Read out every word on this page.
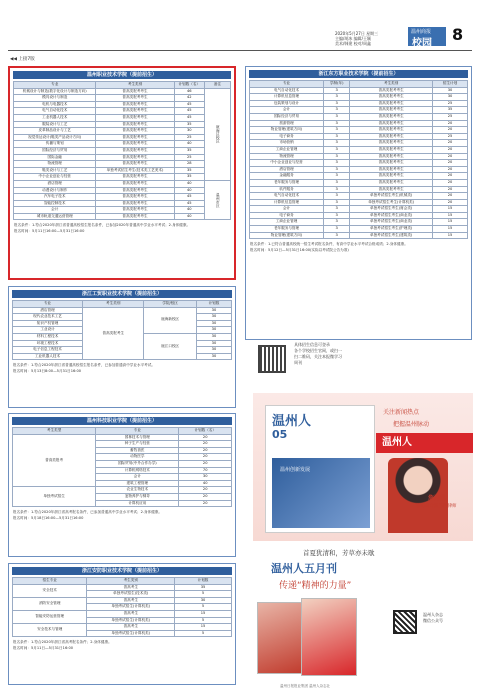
2020年5月27日 星期三
主编/胡冰 编辑/王颖
美术/韩建 校对/周鑫
温州商报
校园 8
◀◀ 上接7版
温州职业技术学院（提前招生）
专业	考生类别	计划数（名）	备注
机械设计与制造(数字化设计与制造方向)	普高类报考考生	46	瓯海区校区
模具设计与制造	普高类报考考生	42	
电机与电器技术	普高类报考考生	45	
电气自动化技术	普高类报考考生	45	
工业机器人技术	普高类报考考生	45	
服装设计与工艺	普高类报考考生	35	
皮革制品设计与工艺	普高类报考考生	30	
视觉传达设计(鞋类产品设计方向)	普高类报考考生	25	
传播与策划	普高类报考考生	40	
国际经济与贸易	普高类报考考生	35	
国际金融	普高类报考考生	25	
物流管理	普高类报考考生	28	
鞋类设计与工艺	单独考试招生考生(技术类工艺美术)	35	
中小企业创业与经营	普高类报考考生	35	
酒店管理	普高类报考考生	40	温州市区
动漫设计与制作	普高类报考考生	40	
汽车电子技术	普高类报考考生	45	
智能控制技术	普高类报考考生	45	
会计	普高类报考考生	40	
城市轨道交通运营管理	普高类报考考生	40	
报名条件：1.符合2020年浙江省普通高校招生报名条件，已参加2020年普通高中学业水平考试；2.身体健康。
报名时间：5月11日16:00—5月31日16:00
浙江东方职业技术学院（提前招生）
专业	学制(年)	考生类别	招生计划
电气自动化技术	3	普高类报考考生	30
计算机信息管理	3	普高类报考考生	30
包装策划与设计	3	普高类报考考生	25
会计	3	普高类报考考生	35
国际经济与贸易	3	普高类报考考生	25
旅游管理	3	普高类报考考生	20
物业管理(建筑方向)	3	普高类报考考生	20
电子商务	3	普高类报考考生	25
市场营销	3	普高类报考考生	20
工商企业管理	3	普高类报考考生	20
物流管理	3	普高类报考考生	20
中小企业创业与经营	3	普高类报考考生	20
酒店管理	3	普高类报考考生	20
金融服务	3	普高类报考考生	20
老年服务与管理	3	普高类报考考生	20
软件服务	3	普高类报考考生	20
电气自动化技术	3	单独考试招生考生(机械类)	20
计算机信息管理	3	单独考试招生考生(计算机类)	20
会计	3	单独考试招生考生(财会类)	15
电子商务	3	单独考试招生考生(商业类)	15
工商企业管理	3	单独考试招生考生(商业类)	15
老年服务与管理	3	单独考试招生考生(护理类)	15
物业管理(建筑方向)	3	单独考试招生考生(建筑类)	15
报名条件：1.已符合普通高校统一招生考试报名条件，有高中学业水平考试合格成绩；2.身体健康。
报名时间：5月12日—5月31日16:00(实际以考试院公告为准)
具体招生信息可登录
各个学校招生官网，或扫一
扫二维码，关注本报微学习
周刊
浙江工贸职业技术学院（提前招生）
专业	考生类别	学院/校区	计划数
酒店管理	普高类报考生	瓯海新校区	30
现代农业技术工艺			30
知识产权管理			30
工业设计			30
材料工程技术		瓯江口校区	30
环境工程技术			30
电子信息工程技术			30
工业机器人技术			30
报名条件：1.符合2020年浙江省普通高校招生报名条件，已参加普通高中学业水平考试。
报名时间：5月13日8:00—5月31日16:00
温州科技职业学院（提前招生）
考生类型	专业	计划数（名）
普高类报考	园林技术与管理	20
	种子生产与经营	20
	畜牧兽医	20
	动物医学	20
	国际贸易(中外合作办学)	20
	计算机网络技术	70
	会计	30
	建筑工程管理	40
单独考试招生	农业生物技术	20
	宠物养护与驯导	20
	计算机应用	20
报名条件：1.符合2020年浙江省高考报名条件，已参加普通高中学业水平考试；2.身体健康。
报名时间：5月18日16:00—5月31日16:00
浙江安防职业技术学院（提前招生）
招生专业	考生类别	计划数
安全技术	普高考生	35
	单独考试招生(技术类)	5
消防安全管理	普高考生	30
	单独考试招生(计算机类)	5
智能安防运营管理	普高考生	15
	单独考试招生(计算机类)	5
安全技术与管理	普高考生	15
	单独考试招生(计算机类)	5
报名条件：1.符合2020年浙江省高考报名条件；2.身体健康。
报名时间：5月11日—5月31日16:00
温州人
05
温州创新发展
关注新闻热点
把握温州脉动
温州人
詹海霞
做有社会担当的律师
首夏犹清和，芳草亦未歇
温州人五月刊
传递“精神的力量”
温州人杂志
微信公众号
温州日报报业集团 温州人杂志社
